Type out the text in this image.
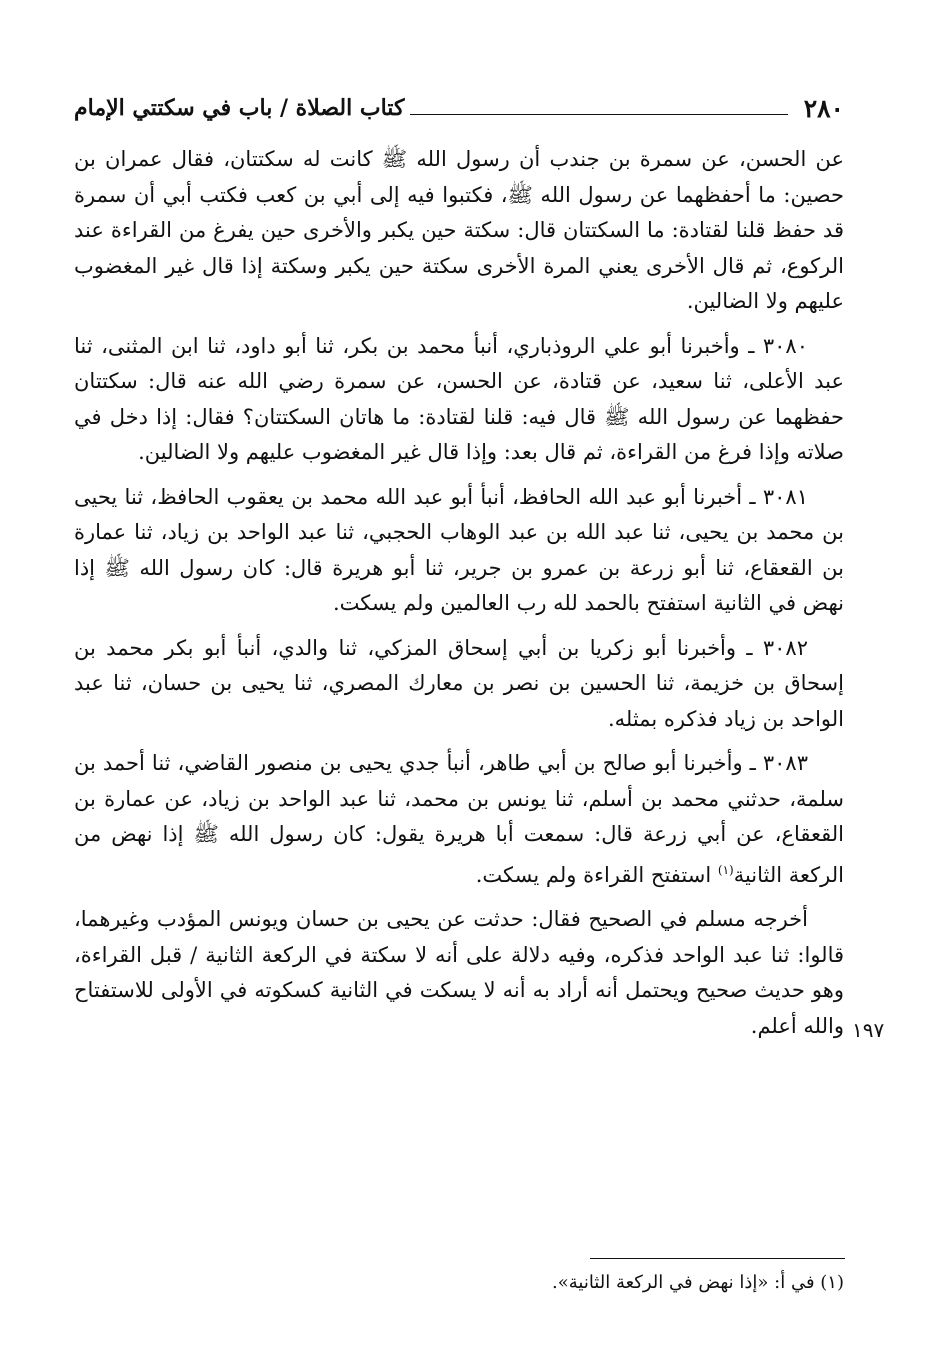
٢٨٠
كتاب الصلاة / باب في سكتتي الإمام

عن الحسن، عن سمرة بن جندب أن رسول الله ﷺ كانت له سكتتان، فقال عمران بن حصين: ما أحفظهما عن رسول الله ﷺ، فكتبوا فيه إلى أبي بن كعب فكتب أبي أن سمرة قد حفظ قلنا لقتادة: ما السكتتان قال: سكتة حين يكبر والأخرى حين يفرغ من القراءة عند الركوع، ثم قال الأخرى يعني المرة الأخرى سكتة حين يكبر وسكتة إذا قال غير المغضوب عليهم ولا الضالين.

٣٠٨٠ ـ وأخبرنا أبو علي الروذباري، أنبأ محمد بن بكر، ثنا أبو داود، ثنا ابن المثنى، ثنا عبد الأعلى، ثنا سعيد، عن قتادة، عن الحسن، عن سمرة رضي الله عنه قال: سكتتان حفظهما عن رسول الله ﷺ قال فيه: قلنا لقتادة: ما هاتان السكتتان؟ فقال: إذا دخل في صلاته وإذا فرغ من القراءة، ثم قال بعد: وإذا قال غير المغضوب عليهم ولا الضالين.

٣٠٨١ ـ أخبرنا أبو عبد الله الحافظ، أنبأ أبو عبد الله محمد بن يعقوب الحافظ، ثنا يحيى بن محمد بن يحيى، ثنا عبد الله بن عبد الوهاب الحجبي، ثنا عبد الواحد بن زياد، ثنا عمارة بن القعقاع، ثنا أبو زرعة بن عمرو بن جرير، ثنا أبو هريرة قال: كان رسول الله ﷺ إذا نهض في الثانية استفتح بالحمد لله رب العالمين ولم يسكت.

٣٠٨٢ ـ وأخبرنا أبو زكريا بن أبي إسحاق المزكي، ثنا والدي، أنبأ أبو بكر محمد بن إسحاق بن خزيمة، ثنا الحسين بن نصر بن معارك المصري، ثنا يحيى بن حسان، ثنا عبد الواحد بن زياد فذكره بمثله.

٣٠٨٣ ـ وأخبرنا أبو صالح بن أبي طاهر، أنبأ جدي يحيى بن منصور القاضي، ثنا أحمد بن سلمة، حدثني محمد بن أسلم، ثنا يونس بن محمد، ثنا عبد الواحد بن زياد، عن عمارة بن القعقاع، عن أبي زرعة قال: سمعت أبا هريرة يقول: كان رسول الله ﷺ إذا نهض من الركعة الثانية$^{(١)}$ استفتح القراءة ولم يسكت.

أخرجه مسلم في الصحيح فقال: حدثت عن يحيى بن حسان ويونس المؤدب وغيرهما، قالوا: ثنا عبد الواحد فذكره، وفيه دلالة على أنه لا سكتة في الركعة الثانية / قبل القراءة، وهو حديث صحيح ويحتمل أنه أراد به أنه لا يسكت في الثانية كسكوته في الأولى للاستفتاح والله أعلم. ١٩٧
(١) في أ: «إذا نهض في الركعة الثانية».
